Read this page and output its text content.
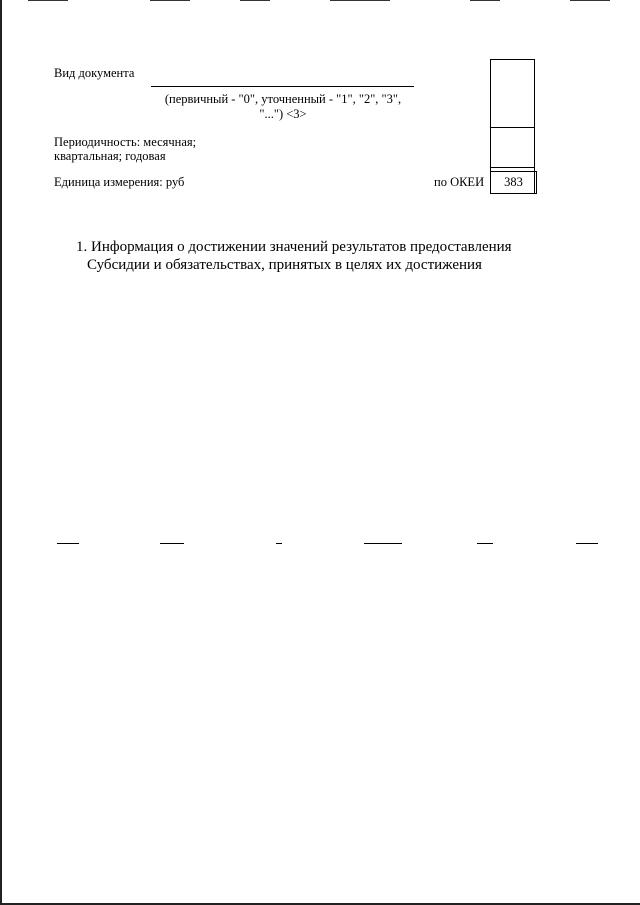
Вид документа
(первичный - "0", уточненный - "1", "2", "3",
"...") <3>
Периодичность: месячная;
квартальная; годовая
Единица измерения: руб	по ОКЕИ	383
1. Информация о достижении значений результатов предоставления
Субсидии и обязательствах, принятых в целях их достижения
